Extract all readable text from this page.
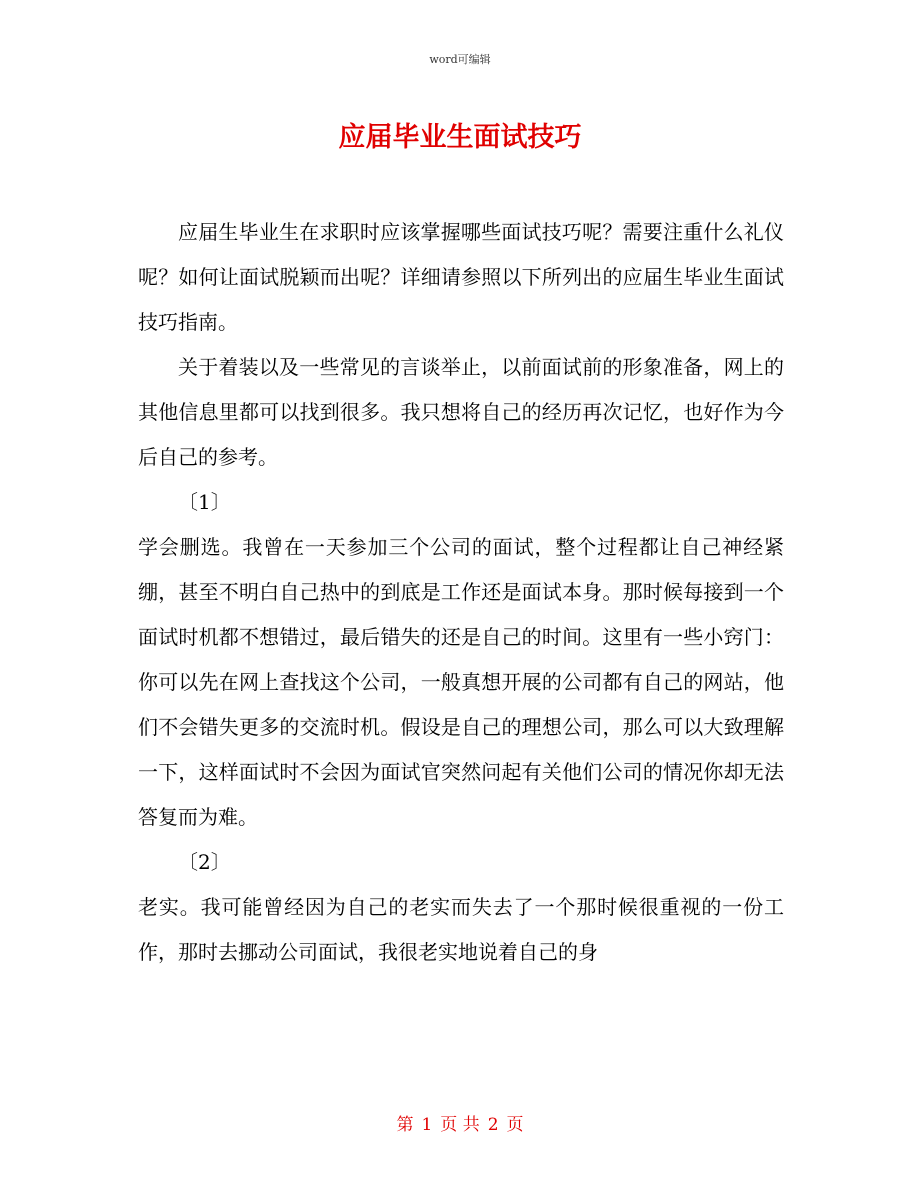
word可编辑
应届毕业生面试技巧

应届生毕业生在求职时应该掌握哪些面试技巧呢？需要注重什么礼仪呢？如何让面试脱颖而出呢？详细请参照以下所列出的应届生毕业生面试技巧指南。

关于着装以及一些常见的言谈举止，以前面试前的形象准备，网上的其他信息里都可以找到很多。我只想将自己的经历再次记忆，也好作为今后自己的参考。

〔1〕

学会删选。我曾在一天参加三个公司的面试，整个过程都让自己神经紧绷，甚至不明白自己热中的到底是工作还是面试本身。那时候每接到一个面试时机都不想错过，最后错失的还是自己的时间。这里有一些小窍门：你可以先在网上查找这个公司，一般真想开展的公司都有自己的网站，他们不会错失更多的交流时机。假设是自己的理想公司，那么可以大致理解一下，这样面试时不会因为面试官突然问起有关他们公司的情况你却无法答复而为难。

〔2〕

老实。我可能曾经因为自己的老实而失去了一个那时候很重视的一份工作，那时去挪动公司面试，我很老实地说着自己的身

第 1 页 共 2 页
